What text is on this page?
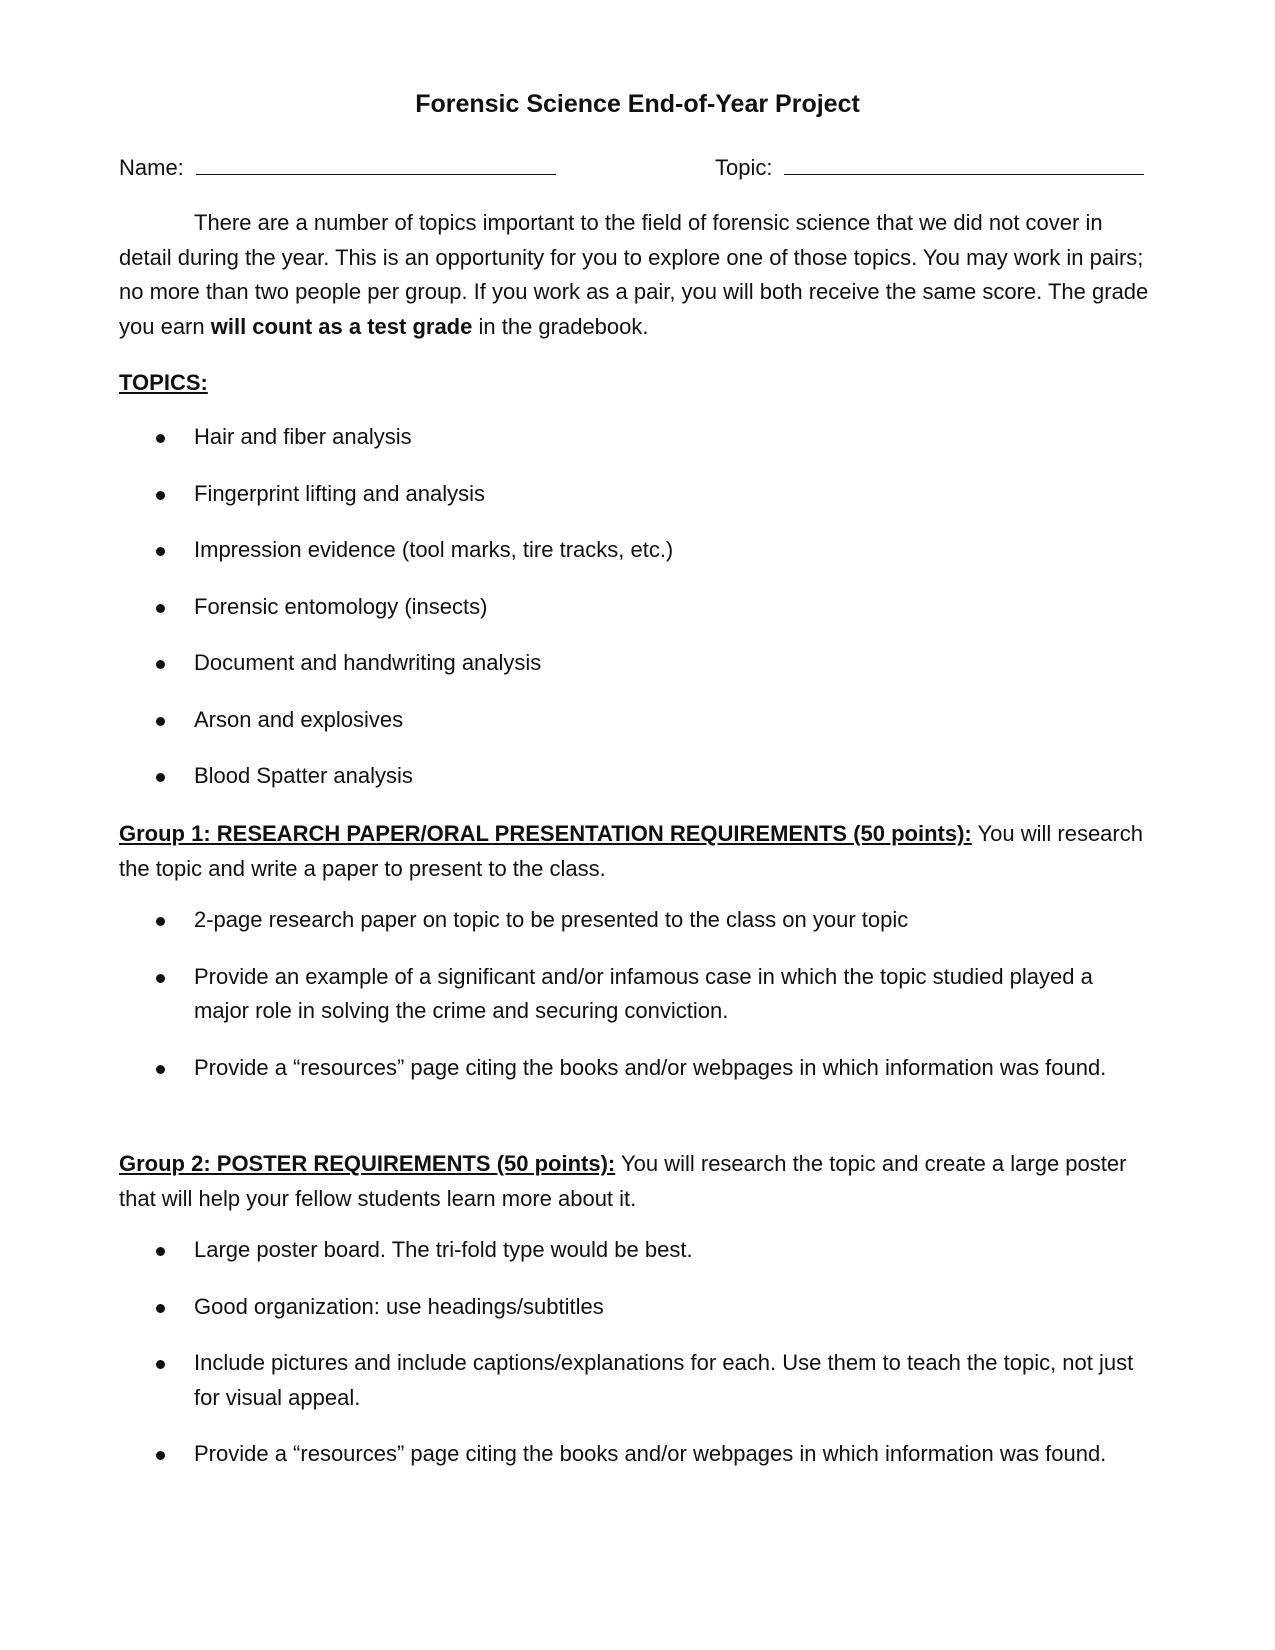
Forensic Science End-of-Year Project
Name:	Topic:

There are a number of topics important to the field of forensic science that we did not cover in detail during the year. This is an opportunity for you to explore one of those topics. You may work in pairs; no more than two people per group. If you work as a pair, you will both receive the same score. The grade you earn will count as a test grade in the gradebook.

TOPICS:
Hair and fiber analysis
Fingerprint lifting and analysis
Impression evidence (tool marks, tire tracks, etc.)
Forensic entomology (insects)
Document and handwriting analysis
Arson and explosives
Blood Spatter analysis

Group 1: RESEARCH PAPER/ORAL PRESENTATION REQUIREMENTS (50 points): You will research the topic and write a paper to present to the class.

2-page research paper on topic to be presented to the class on your topic
Provide an example of a significant and/or infamous case in which the topic studied played a major role in solving the crime and securing conviction.
Provide a “resources” page citing the books and/or webpages in which information was found.

Group 2: POSTER REQUIREMENTS (50 points): You will research the topic and create a large poster that will help your fellow students learn more about it.

Large poster board. The tri-fold type would be best.
Good organization: use headings/subtitles
Include pictures and include captions/explanations for each. Use them to teach the topic, not just for visual appeal.
Provide a “resources” page citing the books and/or webpages in which information was found.
